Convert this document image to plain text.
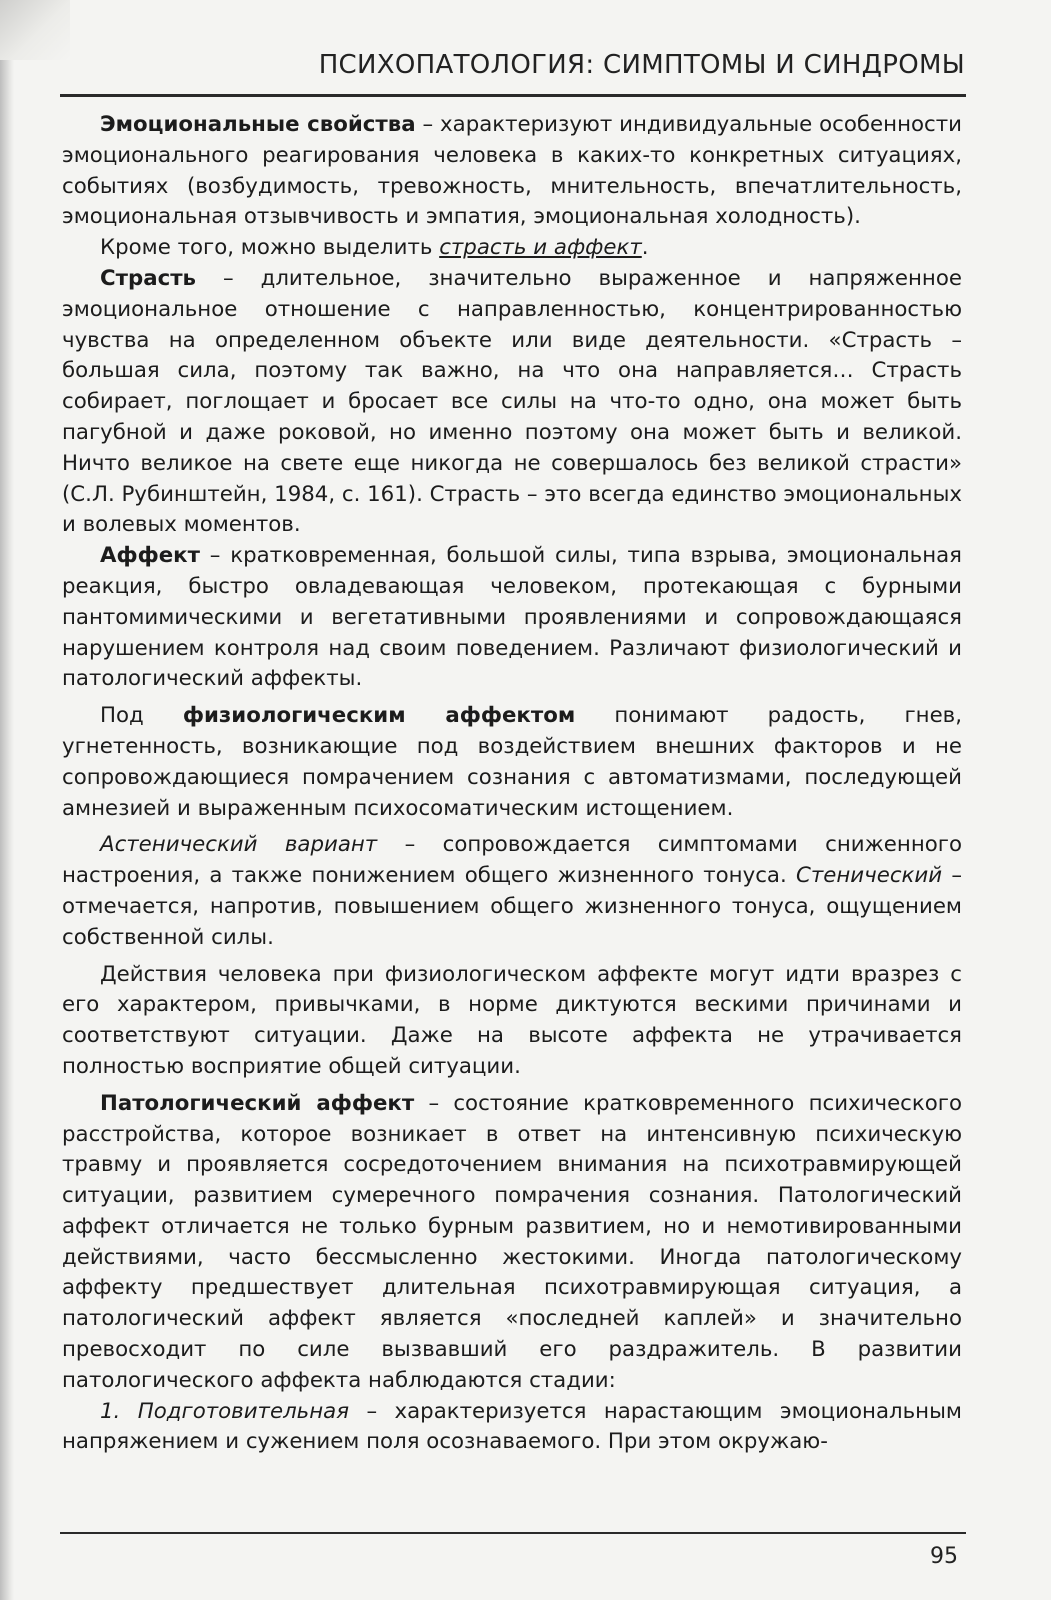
ПСИХОПАТОЛОГИЯ: СИМПТОМЫ И СИНДРОМЫ

Эмоциональные свойства – характеризуют индивидуальные особенности эмоционального реагирования человека в каких-то конкретных ситуациях, событиях (возбудимость, тревожность, мнительность, впечатлительность, эмоциональная отзывчивость и эмпатия, эмоциональная холодность).

Кроме того, можно выделить страсть и аффект.

Страсть – длительное, значительно выраженное и напряженное эмоциональное отношение с направленностью, концентрированностью чувства на определенном объекте или виде деятельности. «Страсть – большая сила, поэтому так важно, на что она направляется… Страсть собирает, поглощает и бросает все силы на что-то одно, она может быть пагубной и даже роковой, но именно поэтому она может быть и великой. Ничто великое на свете еще никогда не совершалось без великой страсти» (С.Л. Рубинштейн, 1984, с. 161). Страсть – это всегда единство эмоциональных и волевых моментов.

Аффект – кратковременная, большой силы, типа взрыва, эмоциональная реакция, быстро овладевающая человеком, протекающая с бурными пантомимическими и вегетативными проявлениями и сопровождающаяся нарушением контроля над своим поведением. Различают физиологический и патологический аффекты.

Под физиологическим аффектом понимают радость, гнев, угнетенность, возникающие под воздействием внешних факторов и не сопровождающиеся помрачением сознания с автоматизмами, последующей амнезией и выраженным психосоматическим истощением.

Астенический вариант – сопровождается симптомами сниженного настроения, а также понижением общего жизненного тонуса. Стенический – отмечается, напротив, повышением общего жизненного тонуса, ощущением собственной силы.

Действия человека при физиологическом аффекте могут идти вразрез с его характером, привычками, в норме диктуются вескими причинами и соответствуют ситуации. Даже на высоте аффекта не утрачивается полностью восприятие общей ситуации.

Патологический аффект – состояние кратковременного психического расстройства, которое возникает в ответ на интенсивную психическую травму и проявляется сосредоточением внимания на психотравмирующей ситуации, развитием сумеречного помрачения сознания. Патологический аффект отличается не только бурным развитием, но и немотивированными действиями, часто бессмысленно жестокими. Иногда патологическому аффекту предшествует длительная психотравмирующая ситуация, а патологический аффект является «последней каплей» и значительно превосходит по силе вызвавший его раздражитель. В развитии патологического аффекта наблюдаются стадии:

1. Подготовительная – характеризуется нарастающим эмоциональным напряжением и сужением поля осознаваемого. При этом окружаю-

95
